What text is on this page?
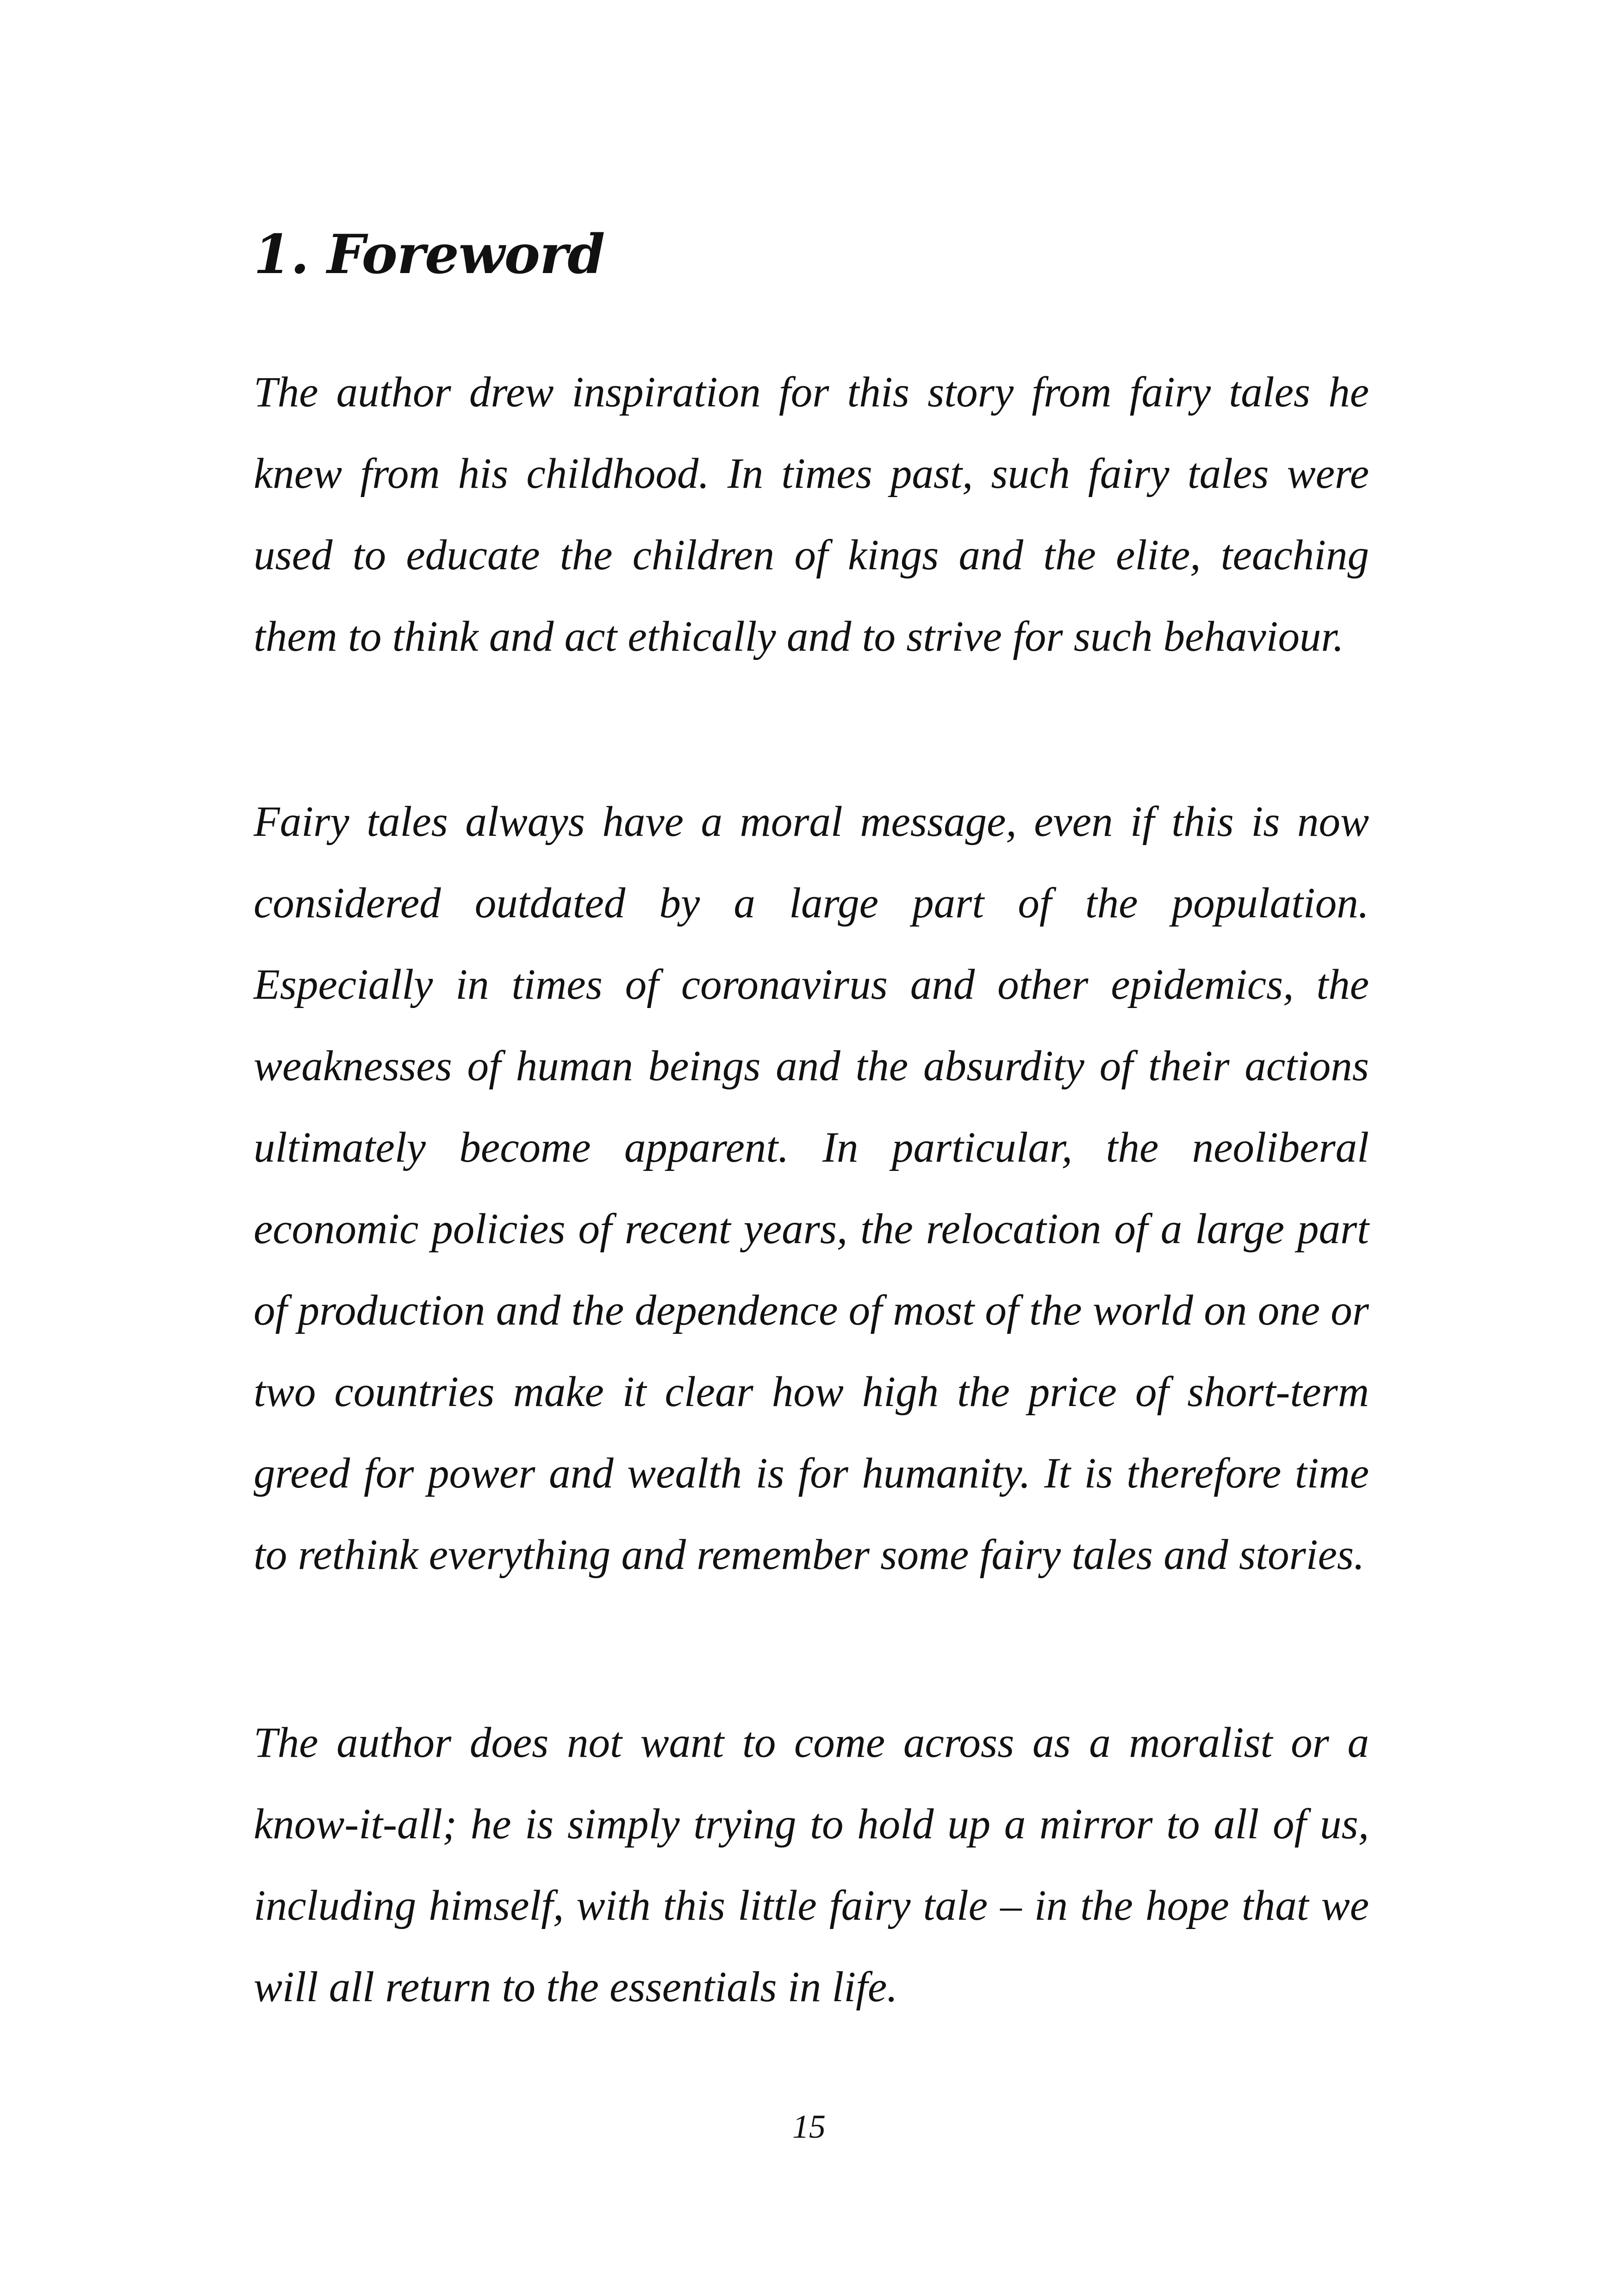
1. Foreword

The author drew inspiration for this story from fairy tales he knew from his childhood. In times past, such fairy tales were used to educate the children of kings and the elite, teaching them to think and act ethically and to strive for such behaviour.

Fairy tales always have a moral message, even if this is now considered outdated by a large part of the population. Especially in times of coronavirus and other epidemics, the weaknesses of human beings and the absurdity of their actions ultimately become apparent. In particular, the neoliberal economic policies of recent years, the relocation of a large part of production and the dependence of most of the world on one or two countries make it clear how high the price of short-term greed for power and wealth is for humanity. It is therefore time to rethink everything and remember some fairy tales and stories.

The author does not want to come across as a moralist or a know-it-all; he is simply trying to hold up a mirror to all of us, including himself, with this little fairy tale – in the hope that we will all return to the essentials in life.

15
